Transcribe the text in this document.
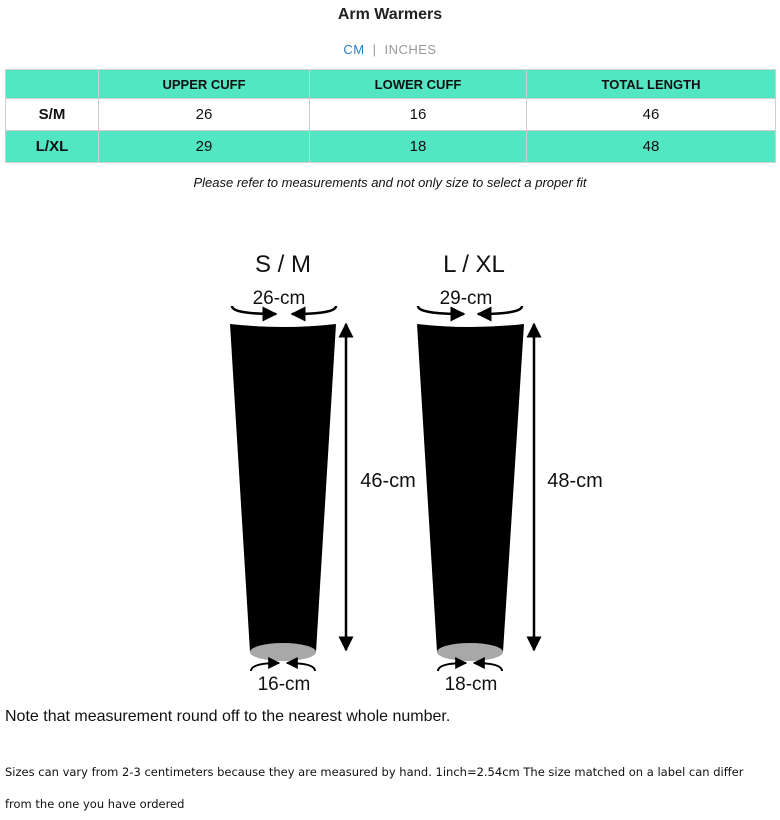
Arm Warmers
CM | INCHES
	UPPER CUFF	LOWER CUFF	TOTAL LENGTH
S/M	26	16	46
L/XL	29	18	48
Please refer to measurements and not only size to select a proper fit
S / M
26-cm
46-cm
16-cm
L / XL
29-cm
48-cm
18-cm
Note that measurement round off to the nearest whole number.
Sizes can vary from 2-3 centimeters because they are measured by hand. 1inch=2.54cm The size matched on a label can differ from the one you have ordered
